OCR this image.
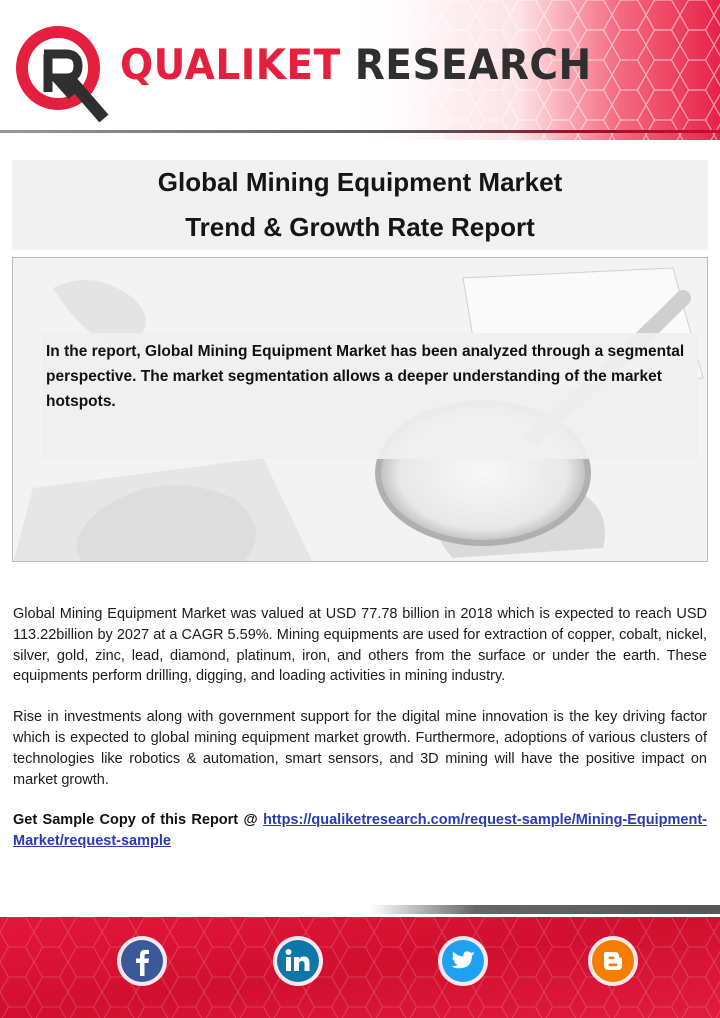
QUALIKET RESEARCH
Global Mining Equipment Market
Trend & Growth Rate Report

In the report, Global Mining Equipment Market has been analyzed through a segmental perspective. The market segmentation allows a deeper understanding of the market hotspots.

Global Mining Equipment Market was valued at USD 77.78 billion in 2018 which is expected to reach USD 113.22billion by 2027 at a CAGR 5.59%. Mining equipments are used for extraction of copper, cobalt, nickel, silver, gold, zinc, lead, diamond, platinum, iron, and others from the surface or under the earth. These equipments perform drilling, digging, and loading activities in mining industry.

Rise in investments along with government support for the digital mine innovation is the key driving factor which is expected to global mining equipment market growth. Furthermore, adoptions of various clusters of technologies like robotics & automation, smart sensors, and 3D mining will have the positive impact on market growth.

Get Sample Copy of this Report @ https://qualiketresearch.com/request-sample/Mining-Equipment-Market/request-sample
